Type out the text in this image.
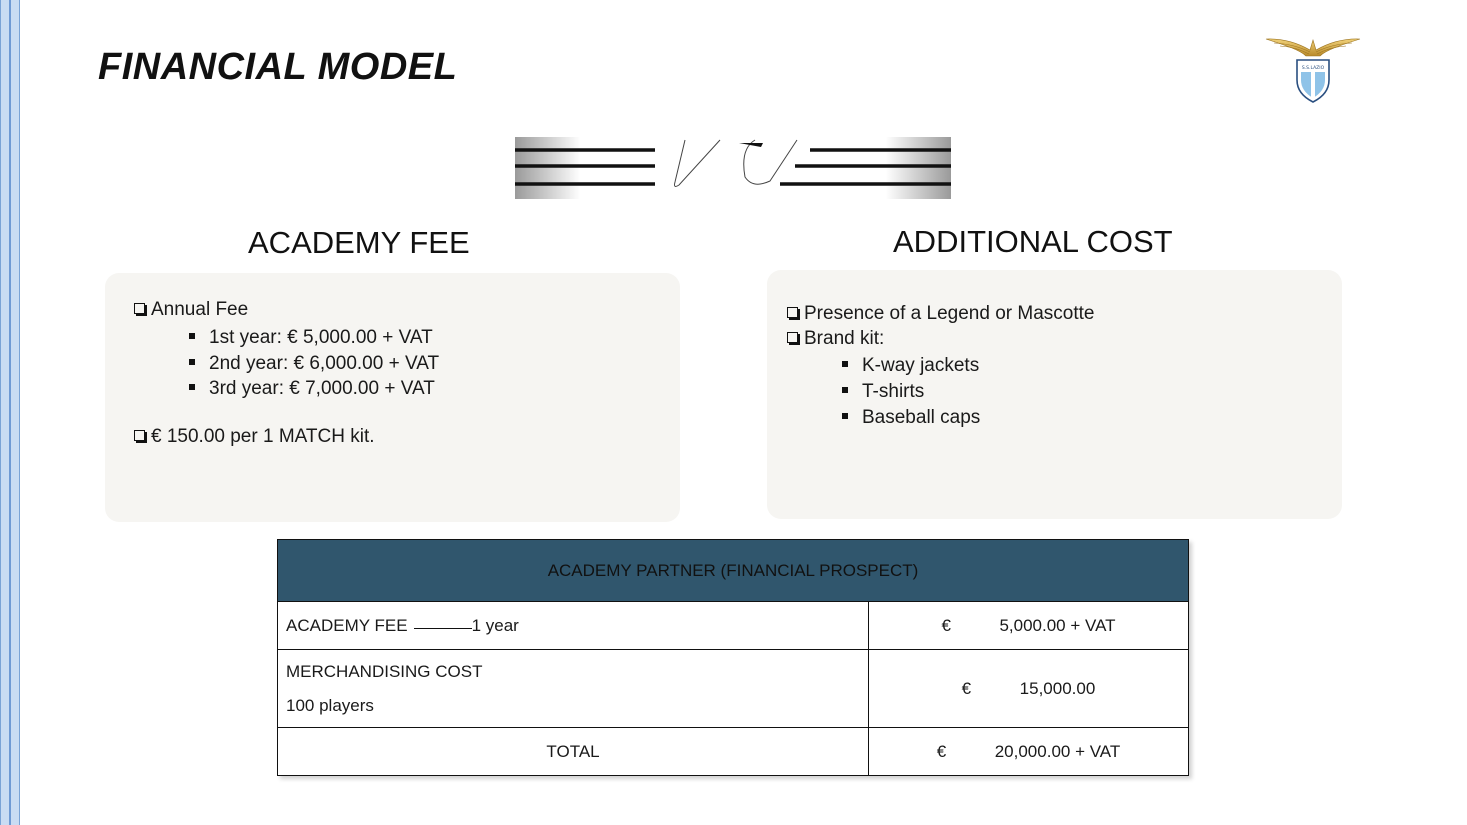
FINANCIAL MODEL	S.S.LAZIO
ACADEMY FEE	ADDITIONAL COST
Annual Fee
1st year: € 5,000.00 + VAT
2nd year: € 6,000.00 + VAT
3rd year: € 7,000.00 + VAT
€ 150.00 per 1 MATCH kit.
Presence of a Legend or Mascotte
Brand kit:
K-way jackets
T-shirts
Baseball caps
ACADEMY PARTNER (FINANCIAL PROSPECT)	
ACADEMY FEE 1 year	€ 5,000.00 + VAT

MERCHANDISING COST
100 players	€ 15,000.00
TOTAL	€ 20,000.00 + VAT
